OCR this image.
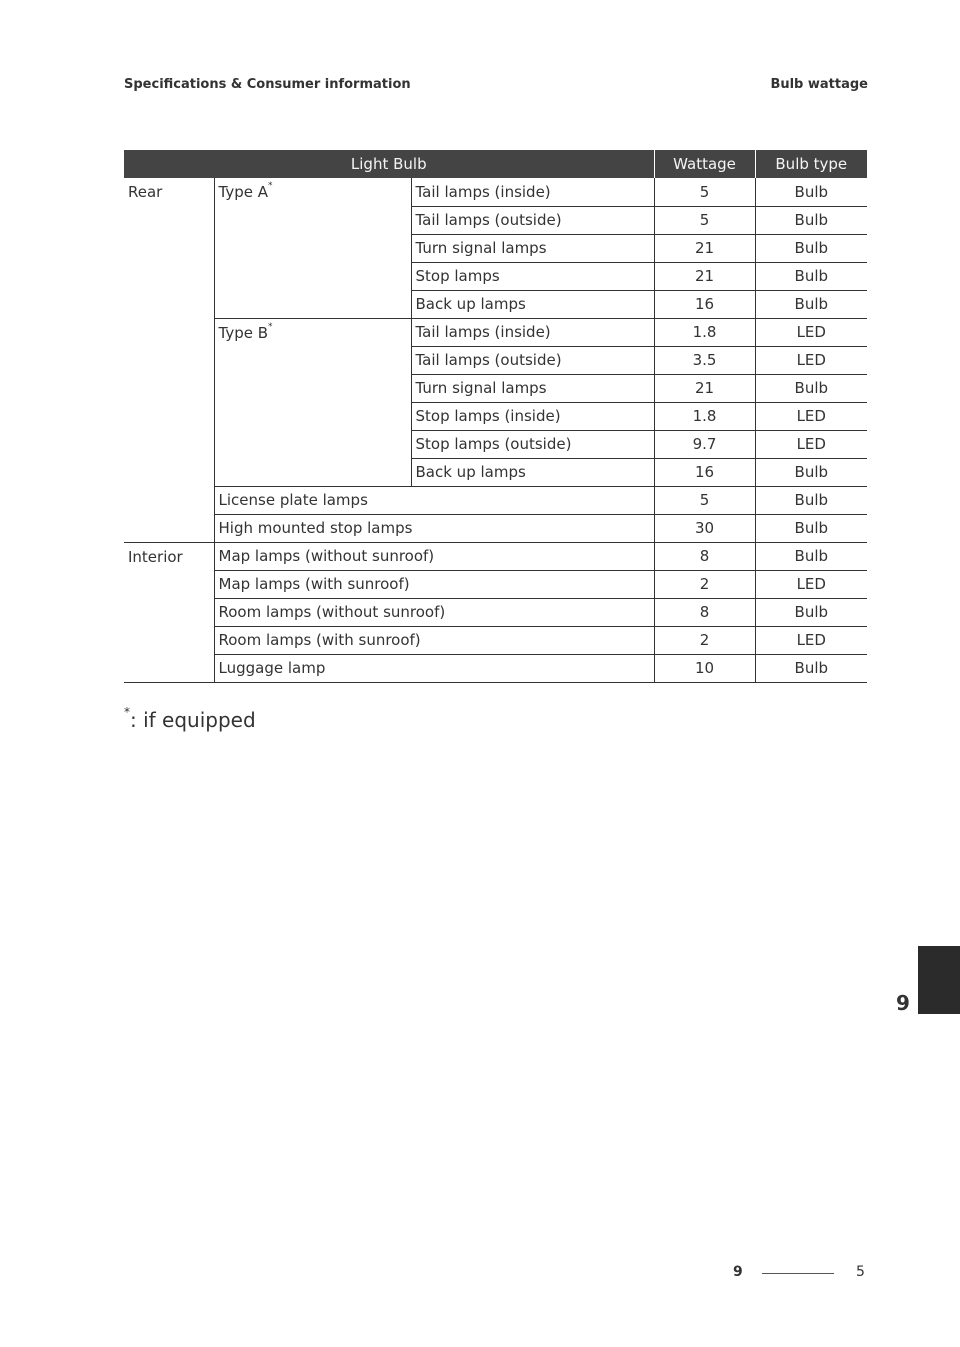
Specifications & Consumer information	Bulb wattage
Light Bulb			Wattage	Bulb type
Rear	Type A*	Tail lamps (inside)	5	Bulb
		Tail lamps (outside)	5	Bulb
		Turn signal lamps	21	Bulb
		Stop lamps	21	Bulb
		Back up lamps	16	Bulb
	Type B*	Tail lamps (inside)	1.8	LED
		Tail lamps (outside)	3.5	LED
		Turn signal lamps	21	Bulb
		Stop lamps (inside)	1.8	LED
		Stop lamps (outside)	9.7	LED
		Back up lamps	16	Bulb
	License plate lamps		5	Bulb
	High mounted stop lamps		30	Bulb
Interior	Map lamps (without sunroof)		8	Bulb
	Map lamps (with sunroof)		2	LED
	Room lamps (without sunroof)		8	Bulb
	Room lamps (with sunroof)		2	LED
	Luggage lamp		10	Bulb
*: if equipped
9
9	5
